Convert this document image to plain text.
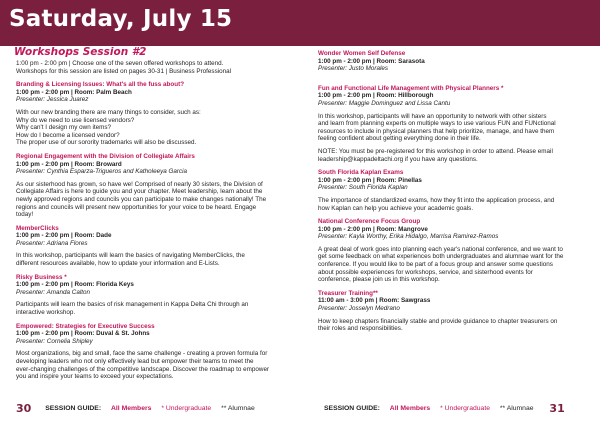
Saturday, July 15
Workshops Session #2

1:00 pm - 2:00 pm | Choose one of the seven offered workshops to attend.

Workshops for this session are listed on pages 30-31 | Business Professional

Branding & Licensing Issues: What's all the fuss about?

1:00 pm - 2:00 pm | Room: Palm Beach

Presenter: Jessica Juarez

With our new branding there are many things to consider, such as:

Why do we need to use licensed vendors?

Why can't I design my own items?

How do I become a licensed vendor?

The proper use of our sorority trademarks will also be discussed.

Regional Engagement with the Division of Collegiate Affairs

1:00 pm - 2:00 pm | Room: Broward

Presenter: Cynthia Esparza-Trigueros and Katholeeya Garcia

As our sisterhood has grown, so have we! Comprised of nearly 30 sisters, the Division of

Collegiate Affairs is here to guide you and your chapter. Meet leadership, learn about the

newly approved regions and councils you can participate to make changes nationally! The

regions and councils will present new opportunities for your voice to be heard. Engage

today!

MemberClicks

1:00 pm - 2:00 pm | Room: Dade

Presenter: Adriana Flores

In this workshop, participants will learn the basics of navigating MemberClicks, the

different resources available, how to update your information and E-Lists.

Risky Business *

1:00 pm - 2:00 pm | Room: Florida Keys

Presenter: Amanda Calton

Participants will learn the basics of risk management in Kappa Delta Chi through an

interactive workshop.

Empowered: Strategies for Executive Success

1:00 pm - 2:00 pm | Room: Duval & St. Johns

Presenter: Cornelia Shipley

Most organizations, big and small, face the same challenge - creating a proven formula for

developing leaders who not only effectively lead but empower their teams to meet the

ever-changing challenges of the competitive landscape. Discover the roadmap to empower

you and inspire your teams to exceed your expectations.

Wonder Women Self Defense

1:00 pm - 2:00 pm | Room: Sarasota

Presenter: Justo Morales

Fun and Functional Life Management with Physical Planners *

1:00 pm - 2:00 pm | Room: Hillborough

Presenter: Maggie Dominguez and Lissa Cantu

In this workshop, participants will have an opportunity to network with other sisters

and learn from planning experts on multiple ways to use various FUN and FUNctional

resources to include in physical planners that help prioritize, manage, and have them

feeling confident about getting everything done in their life.

NOTE: You must be pre-registered for this workshop in order to attend. Please email

leadership@kappadeltachi.org if you have any questions.

South Florida Kaplan Exams

1:00 pm - 2:00 pm | Room: Pinellas

Presenter: South Florida Kaplan

The importance of standardized exams, how they fit into the application process, and

how Kaplan can help you achieve your academic goals.

National Conference Focus Group

1:00 pm - 2:00 pm | Room: Mangrove

Presenter: Kayla Worthy, Erika Hidalgo, Marrisa Ramirez-Ramos

A great deal of work goes into planning each year's national conference, and we want to

get some feedback on what experiences both undergraduates and alumnae want for the

conference. If you would like to be part of a focus group and answer some questions

about possible experiences for workshops, service, and sisterhood events for

conference, please join us in this workshop.

Treasurer Training**

11:00 am - 3:00 pm | Room: Sawgrass

Presenter: Josselyn Medrano

How to keep chapters financially stable and provide guidance to chapter treasurers on

their roles and responsibilities.

30 SESSION GUIDE: All Members * Undergraduate ** Alumnae	SESSION GUIDE: All Members * Undergraduate ** Alumnae 31
